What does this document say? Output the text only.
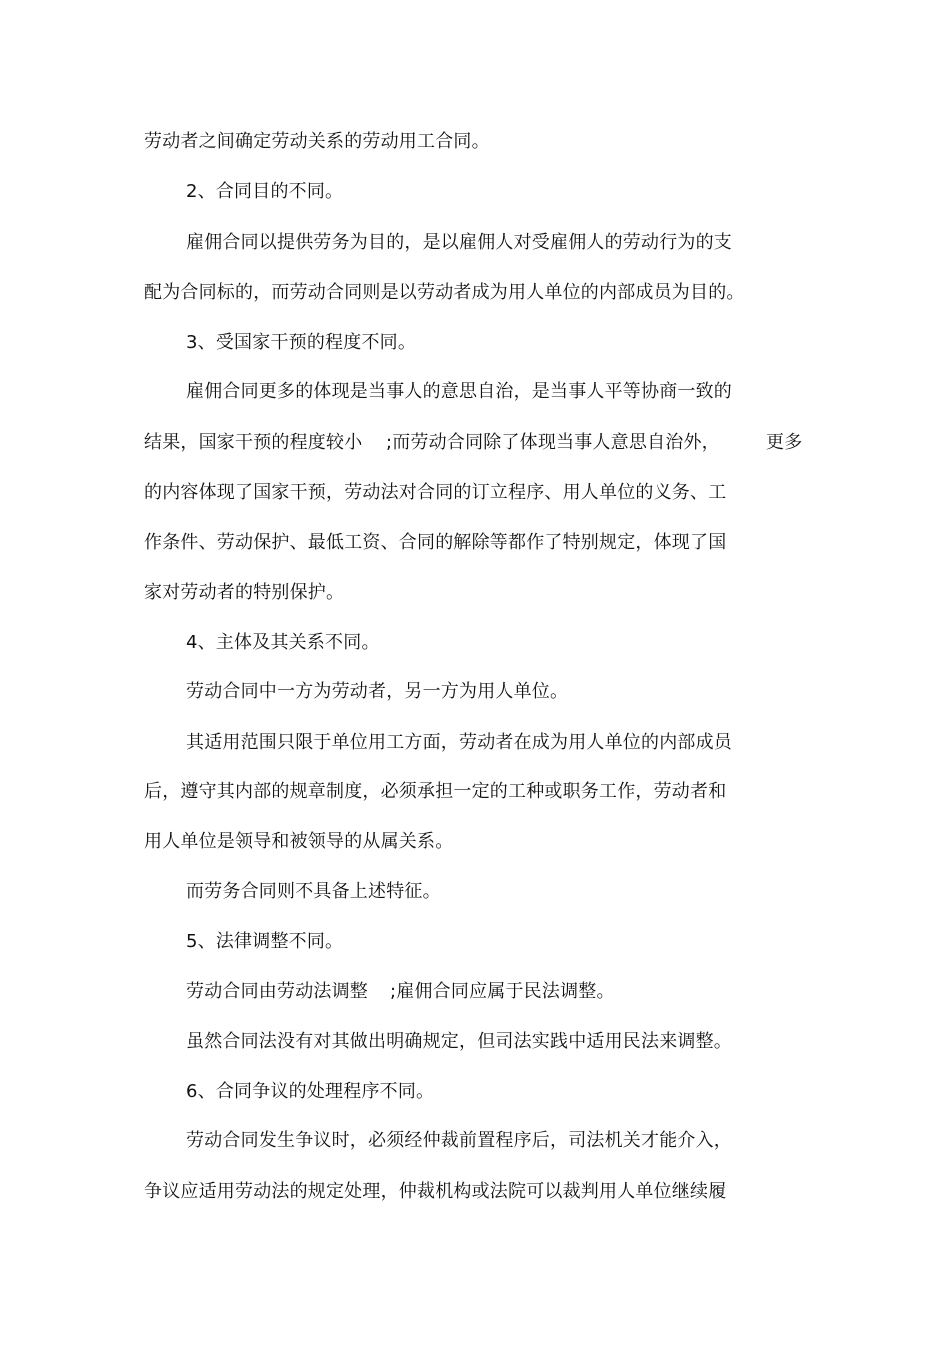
劳动者之间确定劳动关系的劳动用工合同。
2、合同目的不同。
雇佣合同以提供劳务为目的，是以雇佣人对受雇佣人的劳动行为的支
配为合同标的，而劳动合同则是以劳动者成为用人单位的内部成员为目的。
3、受国家干预的程度不同。
雇佣合同更多的体现是当事人的意思自治，是当事人平等协商一致的
结果，国家干预的程度较小 ;而劳动合同除了体现当事人意思自治外，	更多
的内容体现了国家干预，劳动法对合同的订立程序、用人单位的义务、工
作条件、劳动保护、最低工资、合同的解除等都作了特别规定，体现了国
家对劳动者的特别保护。
4、主体及其关系不同。
劳动合同中一方为劳动者，另一方为用人单位。
其适用范围只限于单位用工方面，劳动者在成为用人单位的内部成员
后，遵守其内部的规章制度，必须承担一定的工种或职务工作，劳动者和
用人单位是领导和被领导的从属关系。
而劳务合同则不具备上述特征。
5、法律调整不同。
劳动合同由劳动法调整 ;雇佣合同应属于民法调整。
虽然合同法没有对其做出明确规定，但司法实践中适用民法来调整。
6、合同争议的处理程序不同。
劳动合同发生争议时，必须经仲裁前置程序后，司法机关才能介入，
争议应适用劳动法的规定处理，仲裁机构或法院可以裁判用人单位继续履
